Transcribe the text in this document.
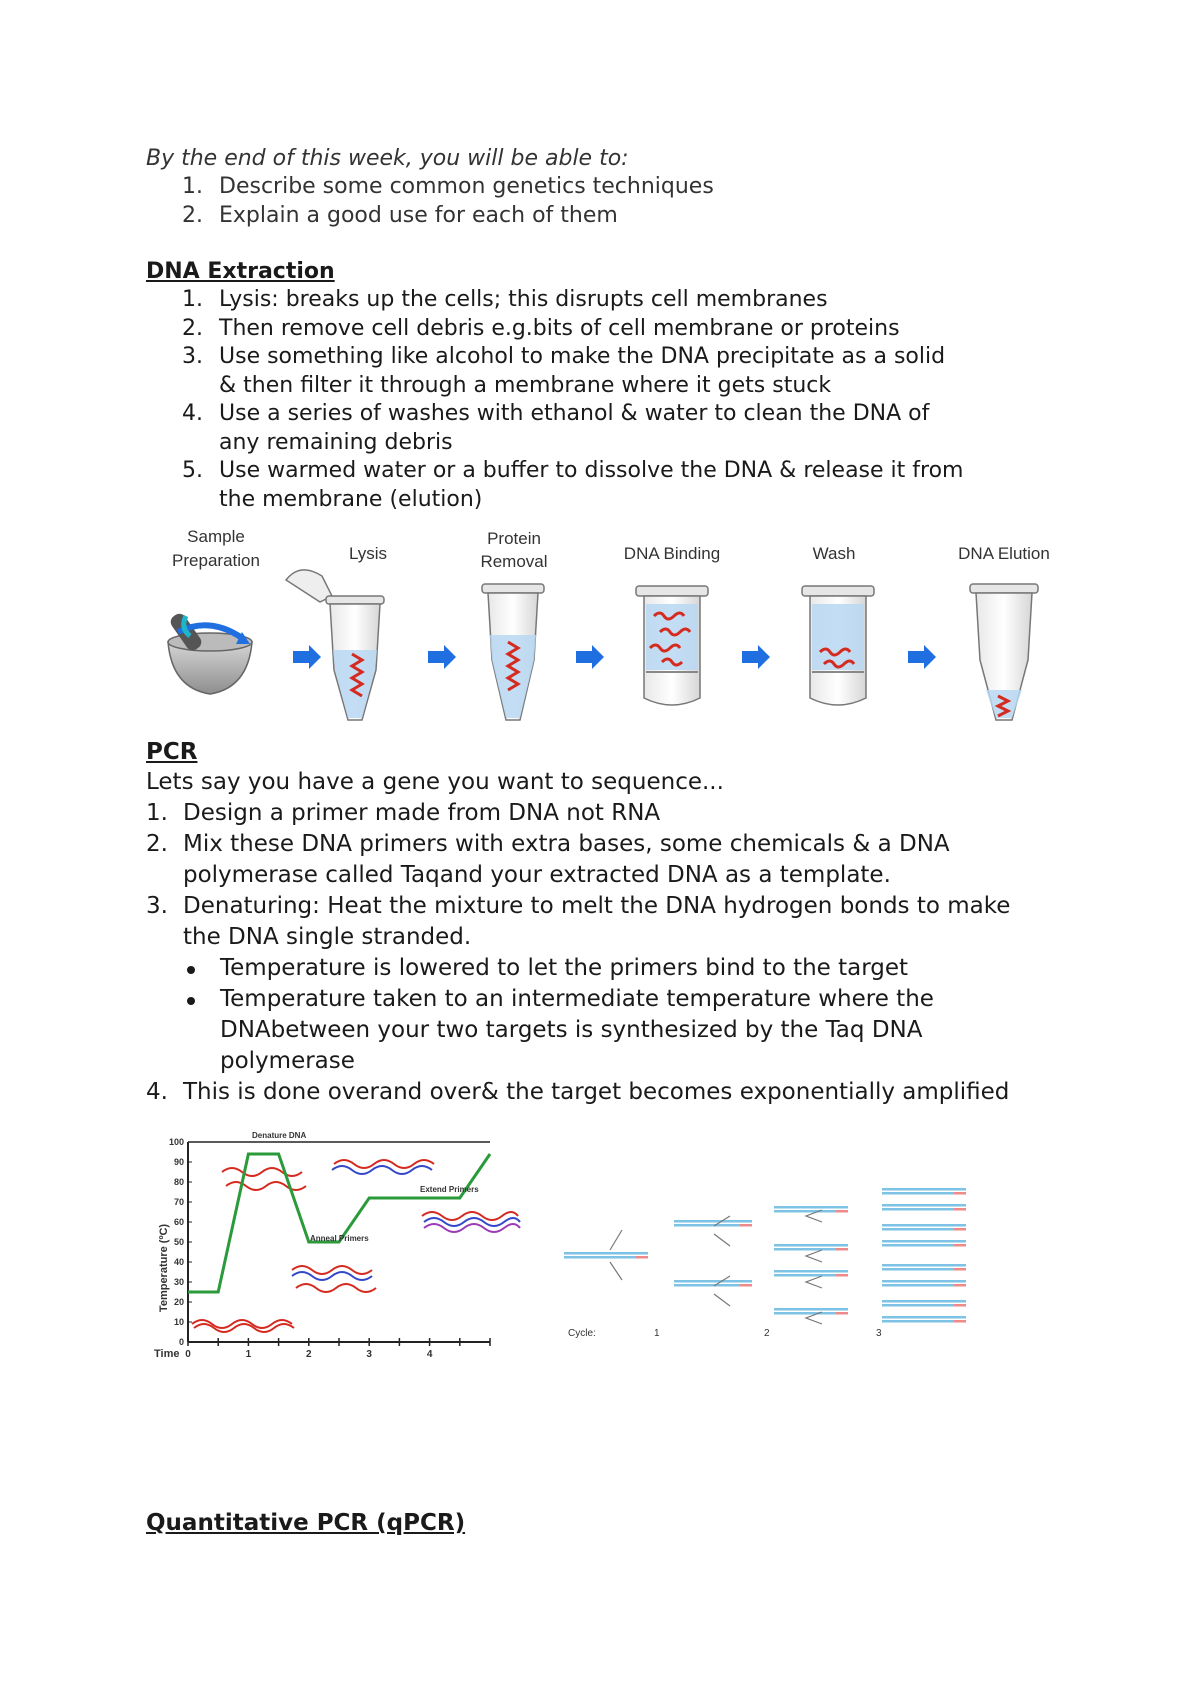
By the end of this week, you will be able to:
1. Describe some common genetics techniques
2. Explain a good use for each of them
DNA Extraction
1. Lysis: breaks up the cells; this disrupts cell membranes
2. Then remove cell debris e.g.bits of cell membrane or proteins
3. Use something like alcohol to make the DNA precipitate as a solid
& then filter it through a membrane where it gets stuck
4. Use a series of washes with ethanol & water to clean the DNA of
any remaining debris
5. Use warmed water or a buffer to dissolve the DNA & release it from
the membrane (elution)
Sample
Preparation	Lysis
Protein
Removal	DNA Binding	Wash	DNA Elution
PCR
Lets say you have a gene you want to sequence...
1. Design a primer made from DNA not RNA
2. Mix these DNA primers with extra bases, some chemicals & a DNA
polymerase called Taqand your extracted DNA as a template.
3. Denaturing: Heat the mixture to melt the DNA hydrogen bonds to make
the DNA single stranded.
Temperature is lowered to let the primers bind to the target
Temperature taken to an intermediate temperature where the
DNAbetween your two targets is synthesized by the Taq DNA
polymerase
4. This is done overand over& the target becomes exponentially amplified
Temperature (ºC)
Time
0
10
20
30
40
50
60
70
80
90
100
0	1	2	3	4
Denature DNA
Anneal Primers
Extend Primers
Cycle:	1	2	3
Quantitative PCR (qPCR)
